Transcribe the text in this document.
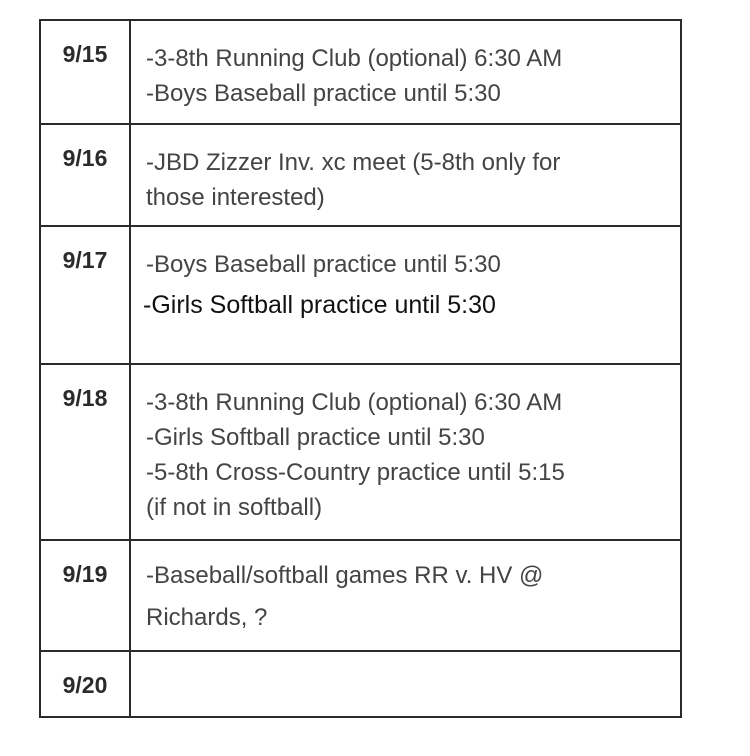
9/15	-3-8th Running Club (optional) 6:30 AM
-Boys Baseball practice until 5:30

9/16	-JBD Zizzer Inv. xc meet (5-8th only for
those interested)

9/17	-Boys Baseball practice until 5:30
-Girls Softball practice until 5:30

9/18	-3-8th Running Club (optional) 6:30 AM
-Girls Softball practice until 5:30
-5-8th Cross-Country practice until 5:15
(if not in softball)

9/19	-Baseball/softball games RR v. HV @
Richards, ?

9/20	
